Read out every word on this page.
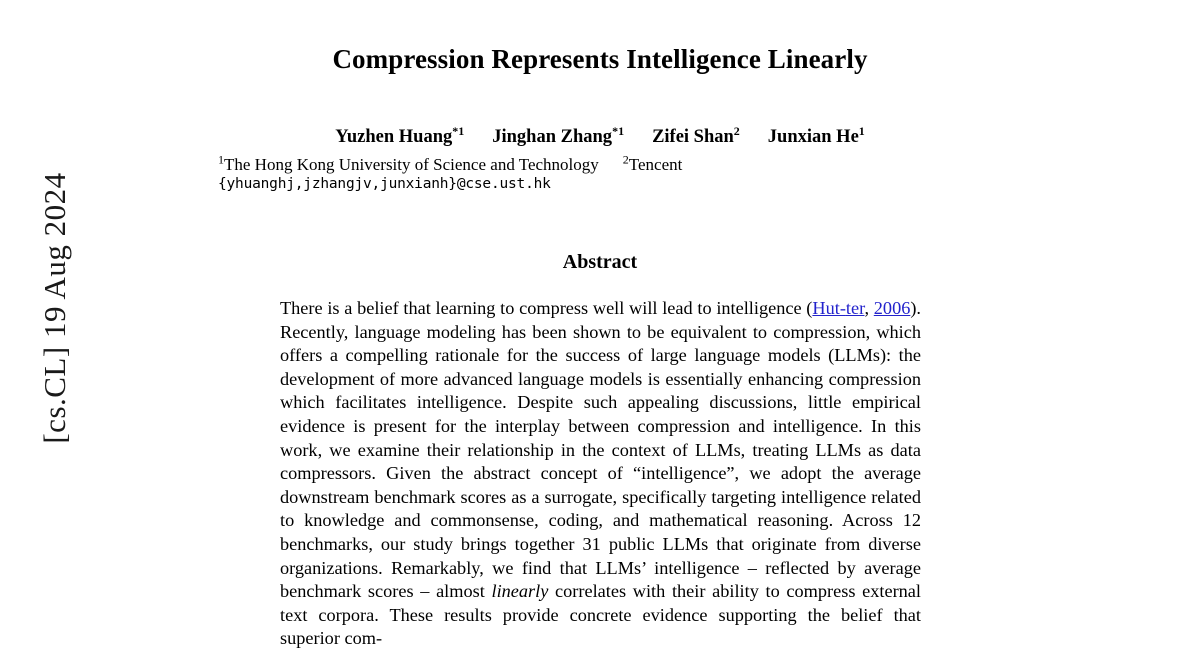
[cs.CL] 19 Aug 2024
Compression Represents Intelligence Linearly
Yuzhen Huang$^{*1}$ Jinghan Zhang$^{*1}$ Zifei Shan$^2$ Junxian He$^1$
$^1$The Hong Kong University of Science and Technology $^2$Tencent
{yhuanghj,jzhangjv,junxianh}@cse.ust.hk
Abstract

There is a belief that learning to compress well will lead to intelligence (Hut-ter, 2006). Recently, language modeling has been shown to be equivalent to compression, which offers a compelling rationale for the success of large language models (LLMs): the development of more advanced language models is essentially enhancing compression which facilitates intelligence. Despite such appealing discussions, little empirical evidence is present for the interplay between compression and intelligence. In this work, we examine their relationship in the context of LLMs, treating LLMs as data compressors. Given the abstract concept of “intelligence”, we adopt the average downstream benchmark scores as a surrogate, specifically targeting intelligence related to knowledge and commonsense, coding, and mathematical reasoning. Across 12 benchmarks, our study brings together 31 public LLMs that originate from diverse organizations. Remarkably, we find that LLMs’ intelligence – reflected by average benchmark scores – almost linearly correlates with their ability to compress external text corpora. These results provide concrete evidence supporting the belief that superior com-
